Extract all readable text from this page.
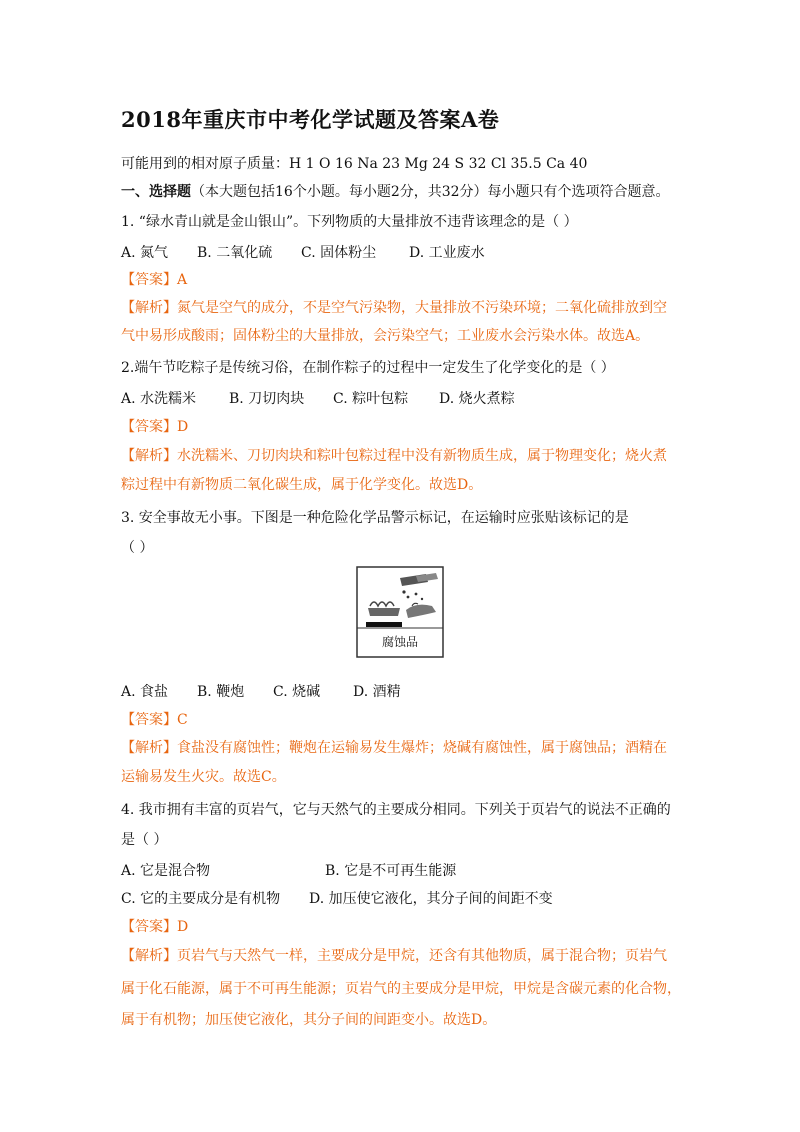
2018年重庆市中考化学试题及答案A卷
可能用到的相对原子质量：H 1 O 16 Na 23 Mg 24 S 32 Cl 35.5 Ca 40
一、选择题（本大题包括16个小题。每小题2分，共32分）每小题只有个选项符合题意。
1. “绿水青山就是金山银山”。下列物质的大量排放不违背该理念的是（ ）
A. 氮气 B. 二氧化硫 C. 固体粉尘 D. 工业废水
【答案】A
【解析】氮气是空气的成分，不是空气污染物，大量排放不污染环境；二氧化硫排放到空
气中易形成酸雨；固体粉尘的大量排放，会污染空气；工业废水会污染水体。故选A。
2.端午节吃粽子是传统习俗，在制作粽子的过程中一定发生了化学变化的是（ ）
A. 水洗糯米 B. 刀切肉块 C. 粽叶包粽 D. 烧火煮粽
【答案】D
【解析】水洗糯米、刀切肉块和粽叶包粽过程中没有新物质生成，属于物理变化；烧火煮
粽过程中有新物质二氧化碳生成，属于化学变化。故选D。
3. 安全事故无小事。下图是一种危险化学品警示标记，在运输时应张贴该标记的是
（ ）
腐蚀品
A. 食盐 B. 鞭炮 C. 烧碱 D. 酒精
【答案】C
【解析】食盐没有腐蚀性；鞭炮在运输易发生爆炸；烧碱有腐蚀性，属于腐蚀品；酒精在
运输易发生火灾。故选C。
4. 我市拥有丰富的页岩气，它与天然气的主要成分相同。下列关于页岩气的说法不正确的
是（ ）
A. 它是混合物	B. 它是不可再生能源
C. 它的主要成分是有机物 D. 加压使它液化，其分子间的间距不变
【答案】D
【解析】页岩气与天然气一样，主要成分是甲烷，还含有其他物质，属于混合物；页岩气
属于化石能源，属于不可再生能源；页岩气的主要成分是甲烷，甲烷是含碳元素的化合物，
属于有机物；加压使它液化，其分子间的间距变小。故选D。
